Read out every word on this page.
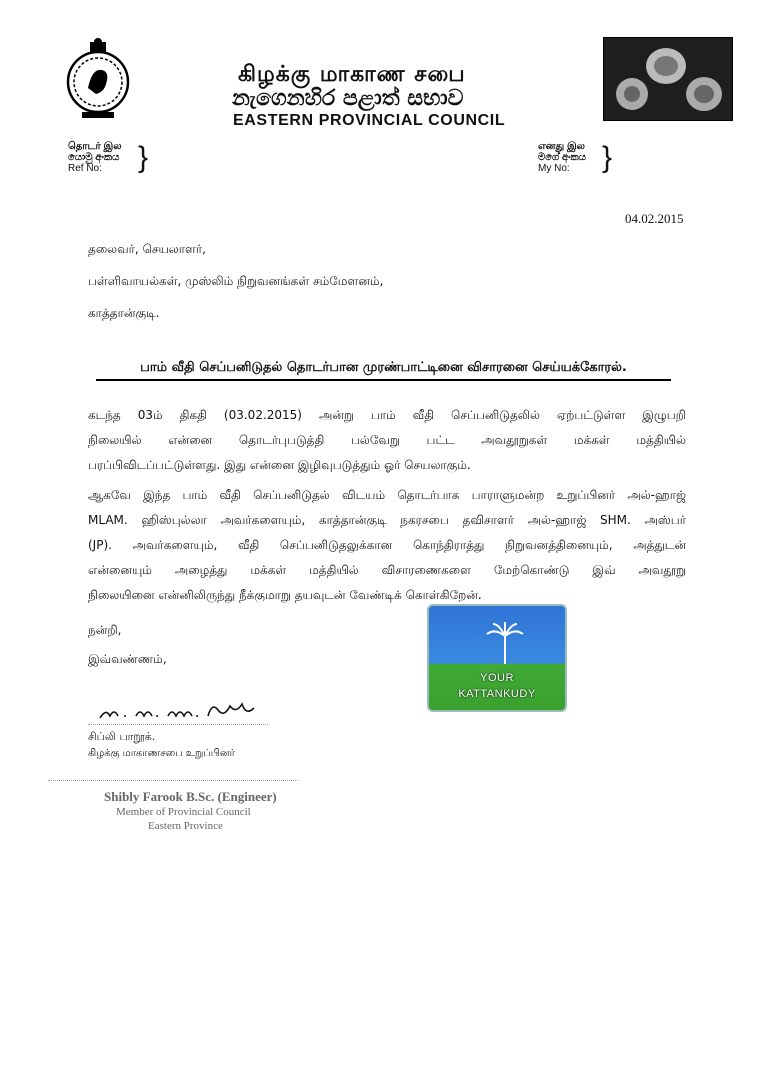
கிழக்கு மாகாண சபை
නැගෙනහිර පළාත් සභාව
EASTERN PROVINCIAL COUNCIL
தொடர் இல
යොමු අංකය
Ref No:	}	எனது இல
මගේ අංකය
My No:	}
04.02.2015
தலைவர், செயலாளர்,
பள்ளிவாயல்கள், முஸ்லிம் நிறுவனங்கள் சம்மேளனம்,
காத்தான்குடி.
பாம் வீதி செப்பனிடுதல் தொடர்பான முரண்பாட்டினை விசாரனை செய்யக்கோரல்.
கடந்த 03ம் திகதி (03.02.2015) அன்று பாம் வீதி செப்பனிடுதலில் ஏற்பட்டுள்ள இழுபறி
நிலையில் என்னை தொடர்புபடுத்தி பல்வேறு பட்ட அவதூறுகள் மக்கள் மத்தியில்
பரப்பிவிடப்பட்டுள்ளது. இது என்னை இழிவுபடுத்தும் ஓர் செயலாகும்.
ஆகவே இந்த பாம் வீதி செப்பனிடுதல் விடயம் தொடர்பாக பாராளுமன்ற உறுப்பினர் அல்-ஹாஜ்
MLAM. ஹிஸ்புல்லா அவர்களையும், காத்தான்குடி நகரசபை தவிசாளர் அல்-ஹாஜ் SHM. அஸ்பர்
(JP). அவர்களையும், வீதி செப்பனிடுதலுக்கான கொந்திராத்து நிறுவனத்தினையும், அத்துடன்
என்னையும் அழைத்து மக்கள் மத்தியில் விசாரணைகளை மேற்கொண்டு இவ் அவதூறு
நிலையினை என்னிலிருந்து நீக்குமாறு தயவுடன் வேண்டிக் கொள்கிறேன்.
நன்றி,
இவ்வண்ணம்,
YOUR
KATTANKUDY
சிப்லி பாறூக்.
கிழக்கு மாகாணசபை உறுப்பினர்
Shibly Farook B.Sc. (Engineer)
Member of Provincial Council
Eastern Province
